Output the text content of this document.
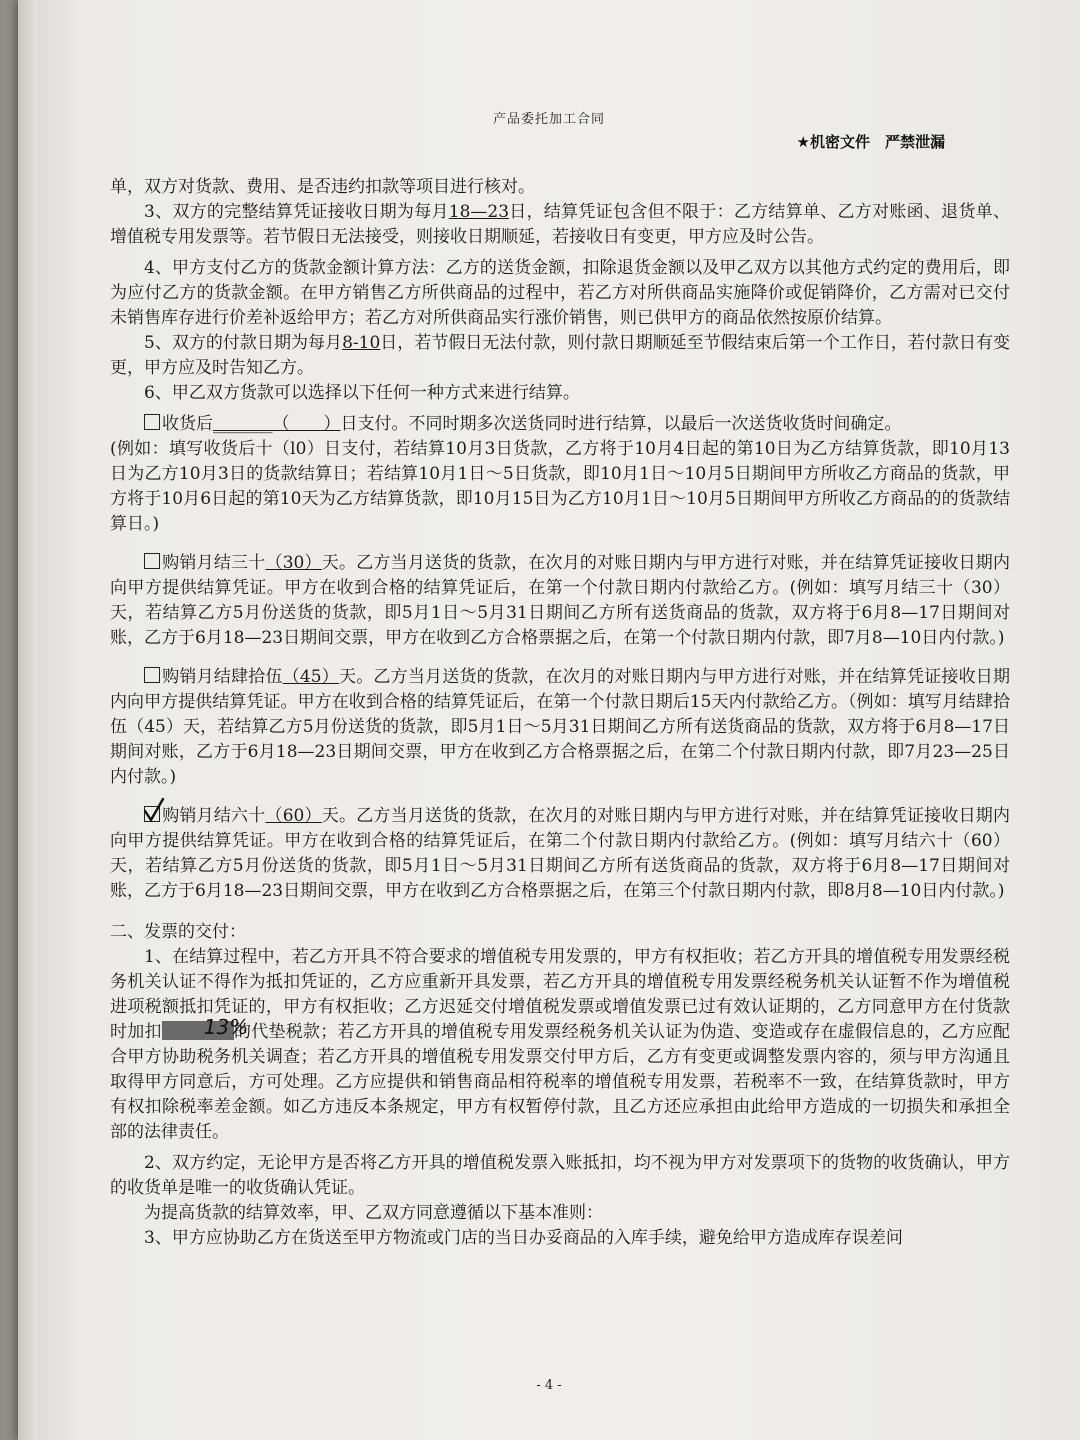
产品委托加工合同
★机密文件　严禁泄漏

单，双方对货款、费用、是否违约扣款等项目进行核对。

3、双方的完整结算凭证接收日期为每月18—23日，结算凭证包含但不限于：乙方结算单、乙方对账函、退货单、增值税专用发票等。若节假日无法接受，则接收日期顺延，若接收日有变更，甲方应及时公告。

4、甲方支付乙方的货款金额计算方法：乙方的送货金额，扣除退货金额以及甲乙双方以其他方式约定的费用后，即为应付乙方的货款金额。在甲方销售乙方所供商品的过程中，若乙方对所供商品实施降价或促销降价，乙方需对已交付未销售库存进行价差补返给甲方；若乙方对所供商品实行涨价销售，则已供甲方的商品依然按原价结算。

5、双方的付款日期为每月8-10日，若节假日无法付款，则付款日期顺延至节假结束后第一个工作日，若付款日有变更，甲方应及时告知乙方。

6、甲乙双方货款可以选择以下任何一种方式来进行结算。

收货后_______（　　）日支付。不同时期多次送货同时进行结算，以最后一次送货收货时间确定。

(例如：填写收货后十（l0）日支付，若结算10月3日货款，乙方将于10月4日起的第10日为乙方结算货款，即10月13日为乙方10月3日的货款结算日；若结算10月1日～5日货款，即10月1日～10月5日期间甲方所收乙方商品的货款，甲方将于10月6日起的第10天为乙方结算货款，即10月15日为乙方10月1日～10月5日期间甲方所收乙方商品的的货款结算日。)

购销月结三十（30）天。乙方当月送货的货款，在次月的对账日期内与甲方进行对账，并在结算凭证接收日期内向甲方提供结算凭证。甲方在收到合格的结算凭证后，在第一个付款日期内付款给乙方。(例如：填写月结三十（30）天，若结算乙方5月份送货的货款，即5月1日～5月31日期间乙方所有送货商品的货款，双方将于6月8—17日期间对账，乙方于6月18—23日期间交票，甲方在收到乙方合格票据之后，在第一个付款日期内付款，即7月8—10日内付款。)

购销月结肆拾伍（45）天。乙方当月送货的货款，在次月的对账日期内与甲方进行对账，并在结算凭证接收日期内向甲方提供结算凭证。甲方在收到合格的结算凭证后，在第一个付款日期后15天内付款给乙方。（例如：填写月结肆拾伍（45）天，若结算乙方5月份送货的货款，即5月1日～5月31日期间乙方所有送货商品的货款，双方将于6月8—17日期间对账，乙方于6月18—23日期间交票，甲方在收到乙方合格票据之后，在第二个付款日期内付款，即7月23—25日内付款。)

购销月结六十（60）天。乙方当月送货的货款，在次月的对账日期内与甲方进行对账，并在结算凭证接收日期内向甲方提供结算凭证。甲方在收到合格的结算凭证后，在第二个付款日期内付款给乙方。(例如：填写月结六十（60）天，若结算乙方5月份送货的货款，即5月1日～5月31日期间乙方所有送货商品的货款，双方将于6月8—17日期间对账，乙方于6月18—23日期间交票，甲方在收到乙方合格票据之后，在第三个付款日期内付款，即8月8—10日内付款。)

二、发票的交付：

1、在结算过程中，若乙方开具不符合要求的增值税专用发票的，甲方有权拒收；若乙方开具的增值税专用发票经税务机关认证不得作为抵扣凭证的，乙方应重新开具发票，若乙方开具的增值税专用发票经税务机关认证暂不作为增值税进项税额抵扣凭证的，甲方有权拒收；乙方迟延交付增值税发票或增值发票已过有效认证期的，乙方同意甲方在付货款时加扣	13%
的代垫税款；若乙方开具的增值税专用发票经税务机关认证为伪造、变造或存在虚假信息的，乙方应配合甲方协助税务机关调查；若乙方开具的增值税专用发票交付甲方后，乙方有变更或调整发票内容的，须与甲方沟通且取得甲方同意后，方可处理。乙方应提供和销售商品相符税率的增值税专用发票，若税率不一致，在结算货款时，甲方有权扣除税率差金额。如乙方违反本条规定，甲方有权暂停付款，且乙方还应承担由此给甲方造成的一切损失和承担全部的法律责任。

2、双方约定，无论甲方是否将乙方开具的增值税发票入账抵扣，均不视为甲方对发票项下的货物的收货确认，甲方的收货单是唯一的收货确认凭证。

为提高货款的结算效率，甲、乙双方同意遵循以下基本准则：

3、甲方应协助乙方在货送至甲方物流或门店的当日办妥商品的入库手续，避免给甲方造成库存误差问

- 4 -
